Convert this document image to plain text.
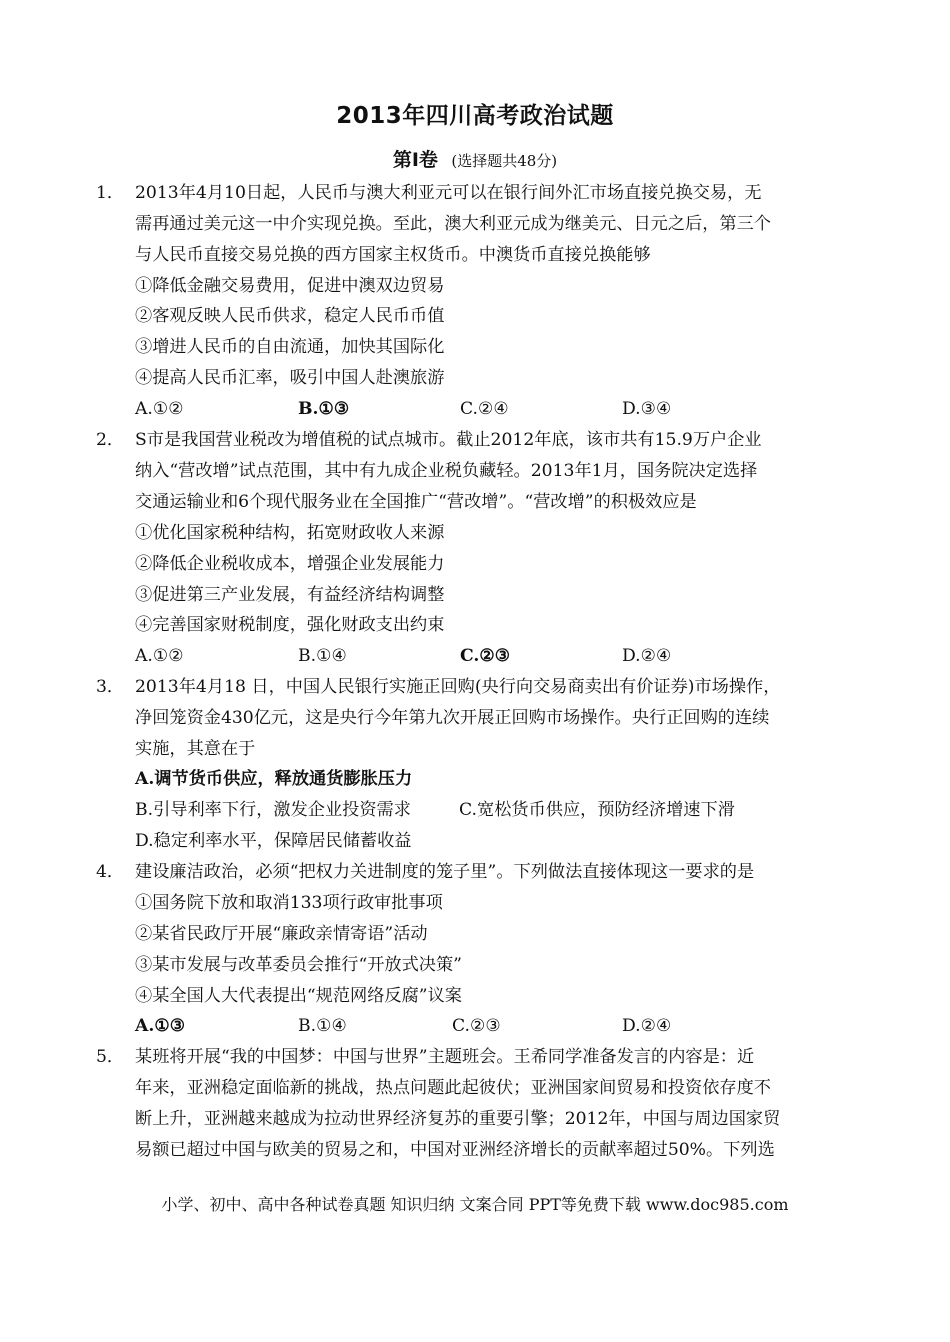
2013年四川高考政治试题
第Ⅰ卷 (选择题共48分)
1． 2013年4月10日起，人民币与澳大利亚元可以在银行间外汇市场直接兑换交易，无
需再通过美元这一中介实现兑换。至此，澳大利亚元成为继美元、日元之后，第三个
与人民币直接交易兑换的西方国家主权货币。中澳货币直接兑换能够
①降低金融交易费用，促进中澳双边贸易
②客观反映人民币供求，稳定人民币币值
③增进人民币的自由流通，加快其国际化
④提高人民币汇率，吸引中国人赴澳旅游
A.①②	B.①③	C.②④	D.③④
2． S市是我国营业税改为增值税的试点城市。截止2012年底，该市共有15.9万户企业
纳入“营改增”试点范围，其中有九成企业税负藏轻。2013年1月，国务院决定选择
交通运输业和6个现代服务业在全国推广“营改增”。“营改增”的积极效应是
①优化国家税种结构，拓宽财政收人来源
②降低企业税收成本，增强企业发展能力
③促进第三产业发展，有益经济结构调整
④完善国家财税制度，强化财政支出约束
A.①②	B.①④	C.②③	D.②④
3． 2013年4月18 日，中国人民银行实施正回购(央行向交易商卖出有价证券)市场操作，
净回笼资金430亿元，这是央行今年第九次开展正回购市场操作。央行正回购的连续
实施，其意在于
A.调节货币供应，释放通货膨胀压力
B.引导利率下行，激发企业投资需求	C.宽松货币供应，预防经济增速下滑
D.稳定利率水平，保障居民储蓄收益
4． 建设廉洁政治，必须“把权力关进制度的笼子里”。下列做法直接体现这一要求的是
①国务院下放和取消133项行政审批事项
②某省民政厅开展“廉政亲情寄语”活动
③某市发展与改革委员会推行“开放式决策”
④某全国人大代表提出“规范网络反腐”议案
A.①③	B.①④	C.②③	D.②④
5． 某班将开展“我的中国梦：中国与世界”主题班会。王希同学准备发言的内容是：近
年来，亚洲稳定面临新的挑战，热点问题此起彼伏；亚洲国家间贸易和投资依存度不
断上升，亚洲越来越成为拉动世界经济复苏的重要引擎；2012年，中国与周边国家贸
易额已超过中国与欧美的贸易之和，中国对亚洲经济增长的贡献率超过50%。下列选
小学、初中、高中各种试卷真题 知识归纳 文案合同 PPT等免费下载 www.doc985.com
